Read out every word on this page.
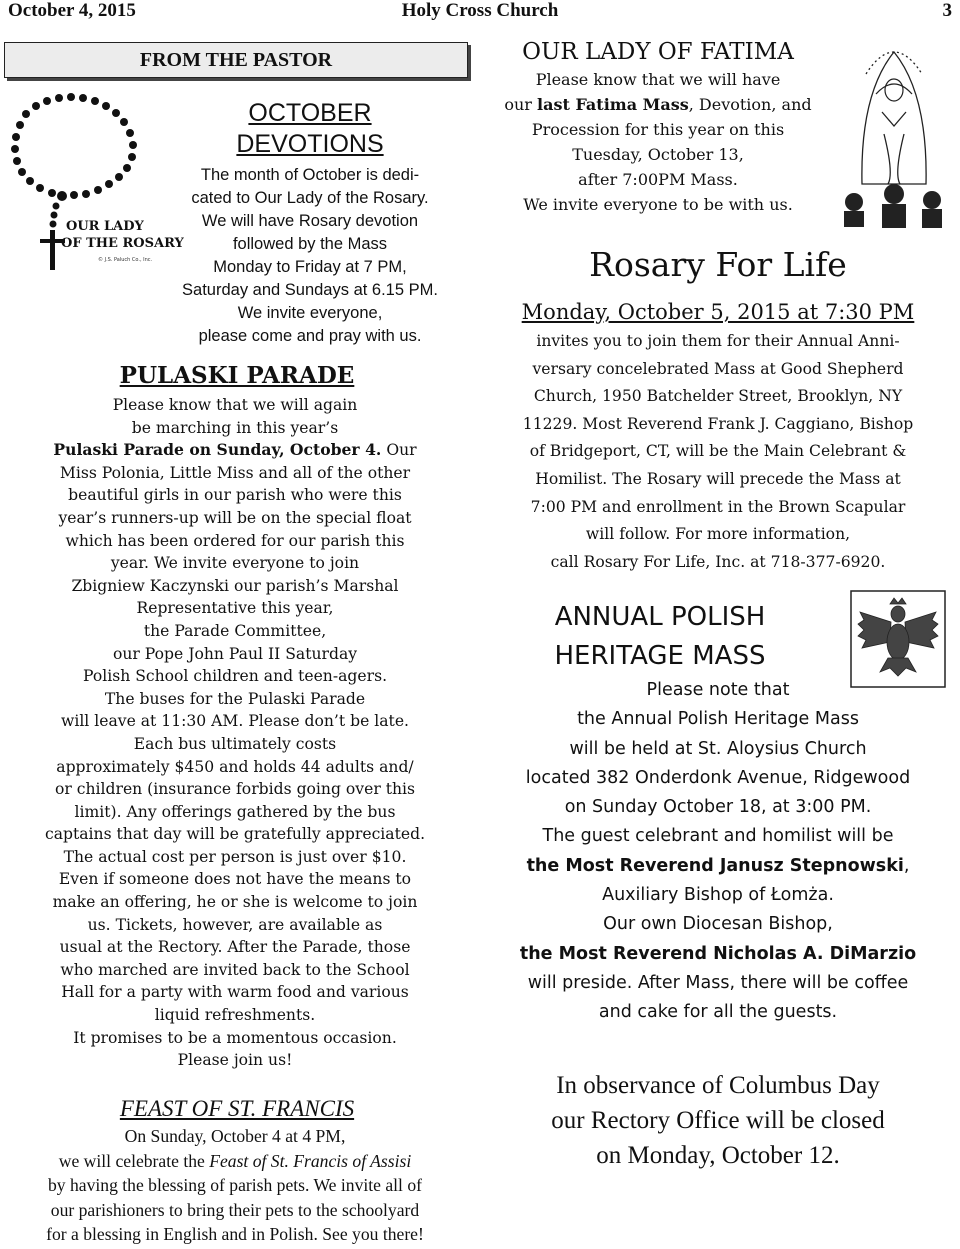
October 4, 2015	Holy Cross Church	3
FROM THE PASTOR
OUR LADY
OF THE ROSARY
© J.S. Paluch Co., Inc.
OCTOBER
DEVOTIONS
The month of October is dedi-
cated to Our Lady of the Rosary.
We will have Rosary devotion
followed by the Mass
Monday to Friday at 7 PM,
Saturday and Sundays at 6.15 PM.
We invite everyone,
please come and pray with us.
PULASKI PARADE
Please know that we will again
be marching in this year’s
Pulaski Parade on Sunday, October 4. Our
Miss Polonia, Little Miss and all of the other
beautiful girls in our parish who were this
year’s runners-up will be on the special float
which has been ordered for our parish this
year. We invite everyone to join
Zbigniew Kaczynski our parish’s Marshal
Representative this year,
the Parade Committee,
our Pope John Paul II Saturday
Polish School children and teen-agers.
The buses for the Pulaski Parade
will leave at 11:30 AM. Please don’t be late.
Each bus ultimately costs
approximately $450 and holds 44 adults and/
or children (insurance forbids going over this
limit). Any offerings gathered by the bus
captains that day will be gratefully appreciated.
The actual cost per person is just over $10.
Even if someone does not have the means to
make an offering, he or she is welcome to join
us. Tickets, however, are available as
usual at the Rectory. After the Parade, those
who marched are invited back to the School
Hall for a party with warm food and various
liquid refreshments.
It promises to be a momentous occasion.
Please join us!
FEAST OF ST. FRANCIS
On Sunday, October 4 at 4 PM,
we will celebrate the Feast of St. Francis of Assisi
by having the blessing of parish pets. We invite all of
our parishioners to bring their pets to the schoolyard
for a blessing in English and in Polish. See you there!
OUR LADY OF FATIMA
Please know that we will have
our last Fatima Mass, Devotion, and
Procession for this year on this
Tuesday, October 13,
after 7:00PM Mass.
We invite everyone to be with us.
Rosary For Life
Monday, October 5, 2015 at 7:30 PM
invites you to join them for their Annual Anni-
versary concelebrated Mass at Good Shepherd
Church, 1950 Batchelder Street, Brooklyn, NY
11229. Most Reverend Frank J. Caggiano, Bishop
of Bridgeport, CT, will be the Main Celebrant &
Homilist. The Rosary will precede the Mass at
7:00 PM and enrollment in the Brown Scapular
will follow. For more information,
call Rosary For Life, Inc. at 718-377-6920.
ANNUAL POLISH
HERITAGE MASS
Please note that
the Annual Polish Heritage Mass
will be held at St. Aloysius Church
located 382 Onderdonk Avenue, Ridgewood
on Sunday October 18, at 3:00 PM.
The guest celebrant and homilist will be
the Most Reverend Janusz Stepnowski,
Auxiliary Bishop of Łomża.
Our own Diocesan Bishop,
the Most Reverend Nicholas A. DiMarzio
will preside. After Mass, there will be coffee
and cake for all the guests.
In observance of Columbus Day
our Rectory Office will be closed
on Monday, October 12.
